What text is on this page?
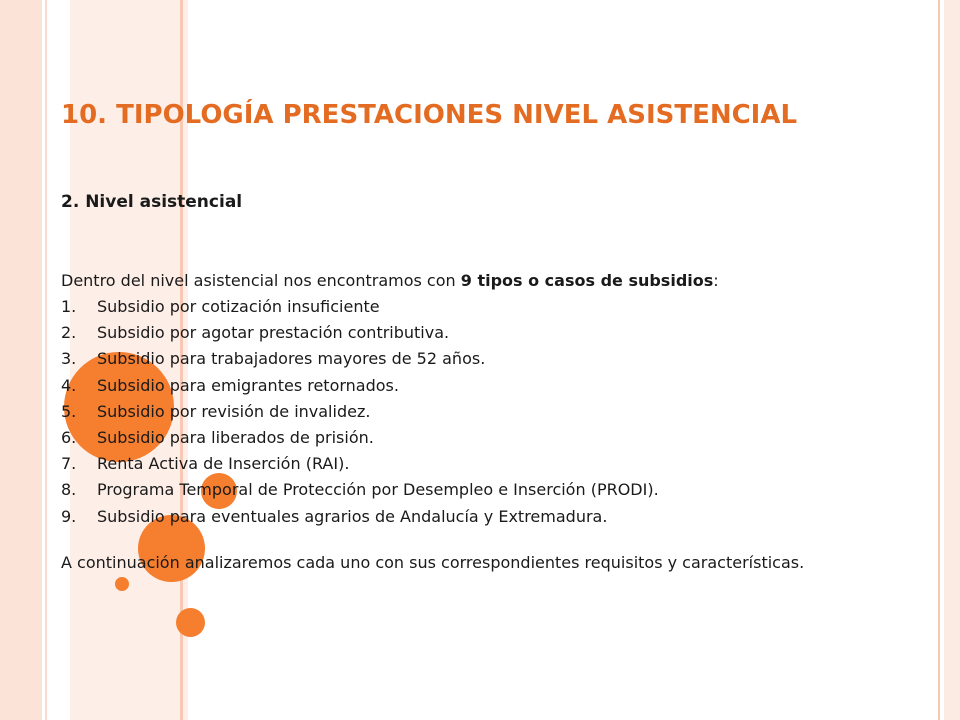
10. TIPOLOGÍA PRESTACIONES NIVEL ASISTENCIAL
2. Nivel asistencial
Dentro del nivel asistencial nos encontramos con 9 tipos o casos de subsidios:
1. Subsidio por cotización insuficiente
2. Subsidio por agotar prestación contributiva.
3. Subsidio para trabajadores mayores de 52 años.
4. Subsidio para emigrantes retornados.
5. Subsidio por revisión de invalidez.
6. Subsidio para liberados de prisión.
7. Renta Activa de Inserción (RAI).
8. Programa Temporal de Protección por Desempleo e Inserción (PRODI).
9. Subsidio para eventuales agrarios de Andalucía y Extremadura.
A continuación analizaremos cada uno con sus correspondientes requisitos y características.
